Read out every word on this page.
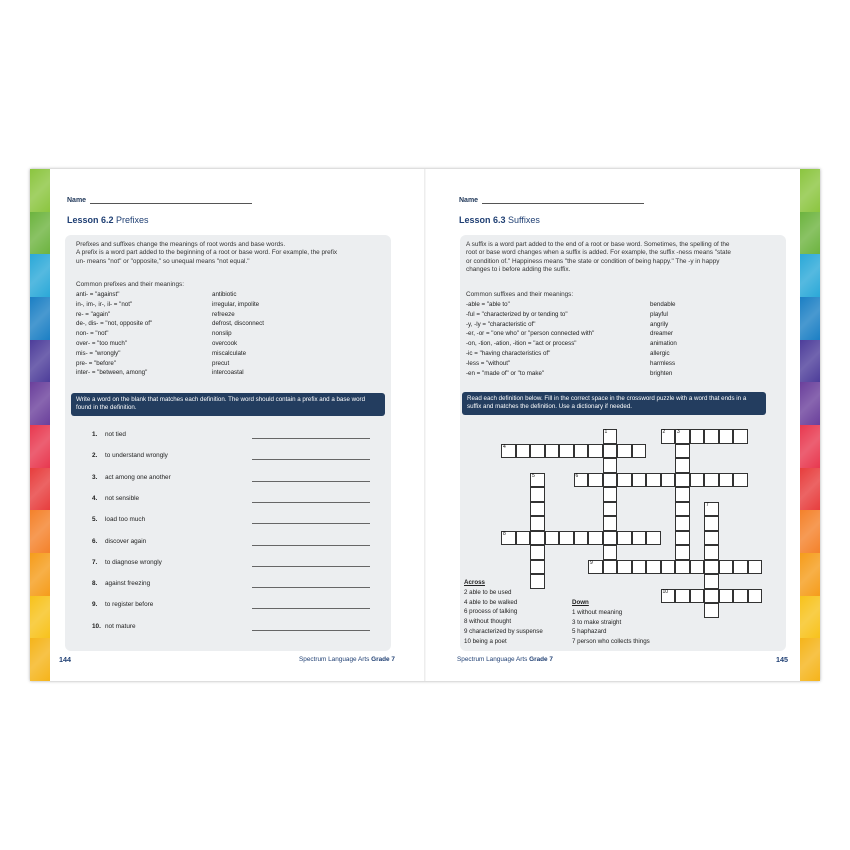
Name
Lesson 6.2 Prefixes
Prefixes and suffixes change the meanings of root words and base words.
A prefix is a word part added to the beginning of a root or base word. For example, the prefix
un- means "not" or "opposite," so unequal means "not equal."
Common prefixes and their meanings:
anti- = "against"	antibiotic
in-, im-, ir-, il- = "not"	irregular, impolite
re- = "again"	refreeze
de-, dis- = "not, opposite of"	defrost, disconnect
non- = "not"	nonslip
over- = "too much"	overcook
mis- = "wrongly"	miscalculate
pre- = "before"	precut
inter- = "between, among"	intercoastal
Write a word on the blank that matches each definition. The word should contain a prefix and a base word found in the definition.
1. not tied
2. to understand wrongly
3. act among one another
4. not sensible
5. load too much
6. discover again
7. to diagnose wrongly
8. against freezing
9. to register before
10. not mature
144	Spectrum Language Arts Grade 7
Name
Lesson 6.3 Suffixes
A suffix is a word part added to the end of a root or base word. Sometimes, the spelling of the
root or base word changes when a suffix is added. For example, the suffix -ness means "state
or condition of." Happiness means "the state or condition of being happy." The -y in happy
changes to i before adding the suffix.
Common suffixes and their meanings:
-able = "able to"	bendable
-ful = "characterized by or tending to"	playful
-y, -ly = "characteristic of"	angrily
-er, -or = "one who" or "person connected with"	dreamer
-on, -tion, -ation, -ition = "act or process"	animation
-ic = "having characteristics of"	allergic
-less = "without"	harmless
-en = "made of" or "to make"	brighten
Read each definition below. Fill in the correct space in the crossword puzzle with a word that ends in a suffix and matches the definition. Use a dictionary if needed.
1	2 3
4
5	6
7
8
9
10
Across
2 able to be used
4 able to be walked
6 process of talking
8 without thought
9 characterized by suspense
10 being a poet
Down
1 without meaning
3 to make straight
5 haphazard
7 person who collects things
Spectrum Language Arts Grade 7	145
